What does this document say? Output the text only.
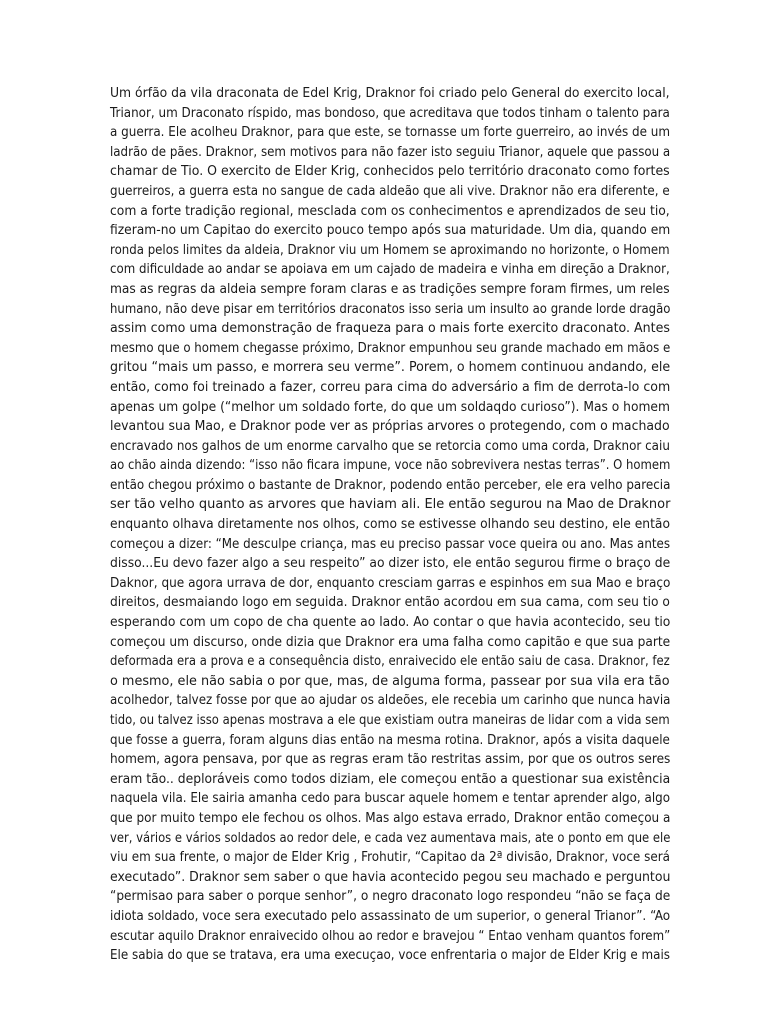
Um órfão da vila draconata de Edel Krig, Draknor foi criado pelo General do exercito local,
Trianor, um Draconato ríspido, mas bondoso, que acreditava que todos tinham o talento para
a guerra. Ele acolheu Draknor, para que este, se tornasse um forte guerreiro, ao invés de um
ladrão de pães. Draknor, sem motivos para não fazer isto seguiu Trianor, aquele que passou a
chamar de Tio. O exercito de Elder Krig, conhecidos pelo território draconato como fortes
guerreiros, a guerra esta no sangue de cada aldeão que ali vive. Draknor não era diferente, e
com a forte tradição regional, mesclada com os conhecimentos e aprendizados de seu tio,
fizeram-no um Capitao do exercito pouco tempo após sua maturidade. Um dia, quando em
ronda pelos limites da aldeia, Draknor viu um Homem se aproximando no horizonte, o Homem
com dificuldade ao andar se apoiava em um cajado de madeira e vinha em direção a Draknor,
mas as regras da aldeia sempre foram claras e as tradições sempre foram firmes, um reles
humano, não deve pisar em territórios draconatos isso seria um insulto ao grande lorde dragão
assim como uma demonstração de fraqueza para o mais forte exercito draconato. Antes
mesmo que o homem chegasse próximo, Draknor empunhou seu grande machado em mãos e
gritou “mais um passo, e morrera seu verme”. Porem, o homem continuou andando, ele
então, como foi treinado a fazer, correu para cima do adversário a fim de derrota-lo com
apenas um golpe (“melhor um soldado forte, do que um soldaqdo curioso”). Mas o homem
levantou sua Mao, e Draknor pode ver as próprias arvores o protegendo, com o machado
encravado nos galhos de um enorme carvalho que se retorcia como uma corda, Draknor caiu
ao chão ainda dizendo: “isso não ficara impune, voce não sobrevivera nestas terras”. O homem
então chegou próximo o bastante de Draknor, podendo então perceber, ele era velho parecia
ser tão velho quanto as arvores que haviam ali. Ele então segurou na Mao de Draknor
enquanto olhava diretamente nos olhos, como se estivesse olhando seu destino, ele então
começou a dizer: “Me desculpe criança, mas eu preciso passar voce queira ou ano. Mas antes
disso...Eu devo fazer algo a seu respeito” ao dizer isto, ele então segurou firme o braço de
Daknor, que agora urrava de dor, enquanto cresciam garras e espinhos em sua Mao e braço
direitos, desmaiando logo em seguida. Draknor então acordou em sua cama, com seu tio o
esperando com um copo de cha quente ao lado. Ao contar o que havia acontecido, seu tio
começou um discurso, onde dizia que Draknor era uma falha como capitão e que sua parte
deformada era a prova e a consequência disto, enraivecido ele então saiu de casa. Draknor, fez
o mesmo, ele não sabia o por que, mas, de alguma forma, passear por sua vila era tão
acolhedor, talvez fosse por que ao ajudar os aldeões, ele recebia um carinho que nunca havia
tido, ou talvez isso apenas mostrava a ele que existiam outra maneiras de lidar com a vida sem
que fosse a guerra, foram alguns dias então na mesma rotina. Draknor, após a visita daquele
homem, agora pensava, por que as regras eram tão restritas assim, por que os outros seres
eram tão.. deploráveis como todos diziam, ele começou então a questionar sua existência
naquela vila. Ele sairia amanha cedo para buscar aquele homem e tentar aprender algo, algo
que por muito tempo ele fechou os olhos. Mas algo estava errado, Draknor então começou a
ver, vários e vários soldados ao redor dele, e cada vez aumentava mais, ate o ponto em que ele
viu em sua frente, o major de Elder Krig , Frohutir, “Capitao da 2ª divisão, Draknor, voce será
executado”. Draknor sem saber o que havia acontecido pegou seu machado e perguntou
“permisao para saber o porque senhor”, o negro draconato logo respondeu “não se faça de
idiota soldado, voce sera executado pelo assassinato de um superior, o general Trianor”. “Ao
escutar aquilo Draknor enraivecido olhou ao redor e bravejou “ Entao venham quantos forem”
Ele sabia do que se tratava, era uma execuçao, voce enfrentaria o major de Elder Krig e mais
